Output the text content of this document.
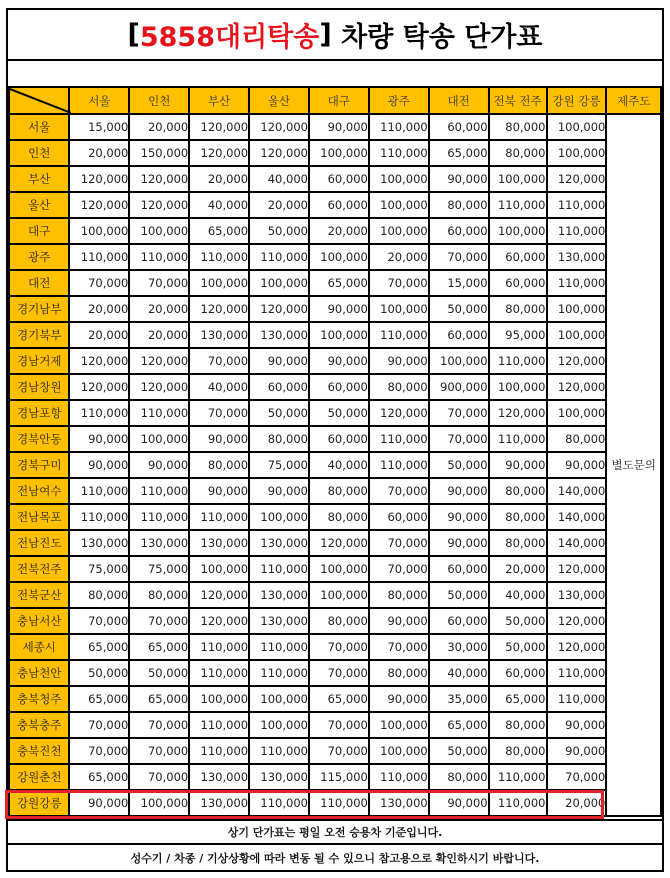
[ 5858대리탁송 ] 차량 탁송 단가표
	서울	인천	부산	울산	대구	광주	대전	전북 전주	강원 강릉	제주도
서울	15,000	20,000	120,000	120,000	90,000	110,000	60,000	80,000	100,000	별도문의
인천	20,000	150,000	120,000	120,000	100,000	110,000	65,000	80,000	100,000	
부산	120,000	120,000	20,000	40,000	60,000	100,000	90,000	100,000	120,000	
울산	120,000	120,000	40,000	20,000	60,000	100,000	80,000	110,000	110,000	
대구	100,000	100,000	65,000	50,000	20,000	100,000	60,000	100,000	110,000	
광주	110,000	110,000	110,000	110,000	100,000	20,000	70,000	60,000	130,000	
대전	70,000	70,000	100,000	100,000	65,000	70,000	15,000	60,000	110,000	
경기남부	20,000	20,000	120,000	120,000	90,000	100,000	50,000	80,000	100,000	
경기북부	20,000	20,000	130,000	130,000	100,000	110,000	60,000	95,000	100,000	
경남거제	120,000	120,000	70,000	90,000	90,000	90,000	100,000	110,000	120,000	
경남창원	120,000	120,000	40,000	60,000	60,000	80,000	900,000	100,000	120,000	
경남포항	110,000	110,000	70,000	50,000	50,000	120,000	70,000	120,000	100,000	
경북안동	90,000	100,000	90,000	80,000	60,000	110,000	70,000	110,000	80,000	
경북구미	90,000	90,000	80,000	75,000	40,000	110,000	50,000	90,000	90,000	
전남여수	110,000	110,000	90,000	90,000	80,000	70,000	90,000	80,000	140,000	
전남목포	110,000	110,000	110,000	100,000	80,000	60,000	90,000	80,000	140,000	
전남진도	130,000	130,000	130,000	130,000	120,000	70,000	90,000	80,000	140,000	
전북전주	75,000	75,000	100,000	110,000	100,000	70,000	60,000	20,000	120,000	
전북군산	80,000	80,000	120,000	130,000	100,000	80,000	50,000	40,000	130,000	
충남서산	70,000	70,000	120,000	130,000	80,000	90,000	60,000	50,000	120,000	
세종시	65,000	65,000	110,000	110,000	70,000	70,000	30,000	50,000	120,000	
충남천안	50,000	50,000	110,000	110,000	70,000	80,000	40,000	60,000	110,000	
충북청주	65,000	65,000	100,000	100,000	65,000	90,000	35,000	65,000	110,000	
충북충주	70,000	70,000	110,000	100,000	70,000	100,000	65,000	80,000	90,000	
충북진천	70,000	70,000	110,000	110,000	70,000	100,000	50,000	80,000	90,000	
강원춘천	65,000	70,000	130,000	130,000	115,000	110,000	80,000	110,000	70,000	
강원강릉	90,000	100,000	130,000	110,000	110,000	130,000	90,000	110,000	20,000	
상기 단가표는 평일 오전 승용차 기준입니다.
성수기 / 차종 / 기상상황에 따라 변동 될 수 있으니 참고용으로 확인하시기 바랍니다.
